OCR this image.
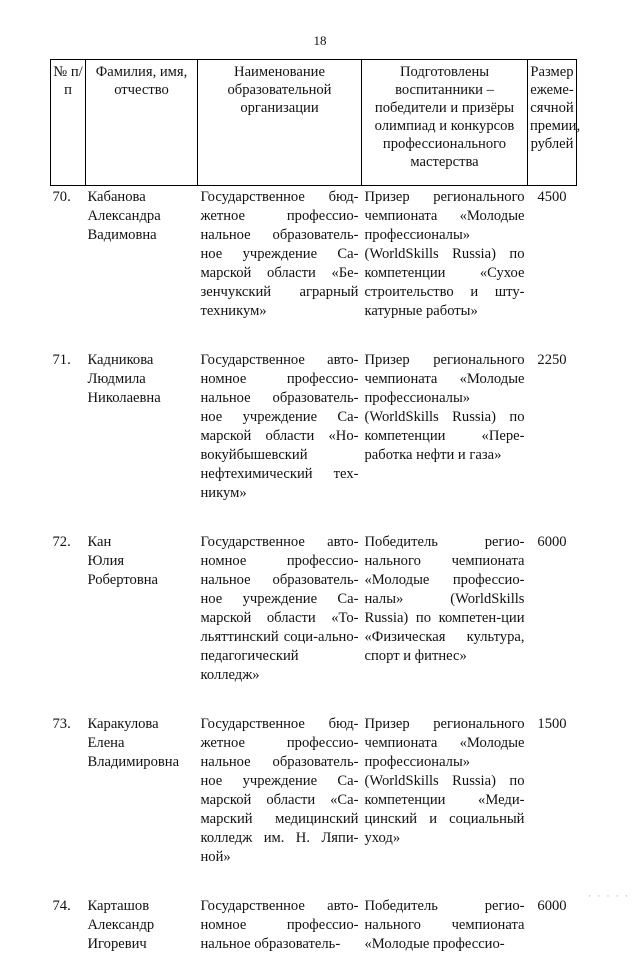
18
№ п/п	Фамилия, имя, отчество	Наименование образовательной организации	Подготовлены воспитанники – победители и призёры олимпиад и конкурсов профессионального мастерства	Размер ежеме-сячной премии, рублей
70.	Кабанова
Александра
Вадимовна	Государственное бюд-жетное профессио-нальное образователь-ное учреждение Са-марской области «Бе-зенчукский аграрный техникум»	Призер регионального чемпионата «Молодые профессионалы» (WorldSkills Russia) по компетенции «Сухое строительство и шту-катурные работы»	4500

71.	Кадникова
Людмила
Николаевна	Государственное авто-номное профессио-нальное образователь-ное учреждение Са-марской области «Но-вокуйбышевский нефтехимический тех-никум»	Призер регионального чемпионата «Молодые профессионалы» (WorldSkills Russia) по компетенции «Пере-работка нефти и газа»	2250

72.	Кан
Юлия
Робертовна	Государственное авто-номное профессио-нальное образователь-ное учреждение Са-марской области «То-льяттинский соци-ально-педагогический колледж»	Победитель регио-нального чемпионата «Молодые профессио-налы» (WorldSkills Russia) по компетен-ции «Физическая культура, спорт и фитнес»	6000

73.	Каракулова
Елена
Владимировна	Государственное бюд-жетное профессио-нальное образователь-ное учреждение Са-марской области «Са-марский медицинский колледж им. Н. Ляпи-ной»	Призер регионального чемпионата «Молодые профессионалы» (WorldSkills Russia) по компетенции «Меди-цинский и социальный уход»	1500

74.	Карташов
Александр
Игоревич	Государственное авто-номное профессио-нальное образователь-	Победитель регио-нального чемпионата «Молодые профессио-	6000
· · · · ·
